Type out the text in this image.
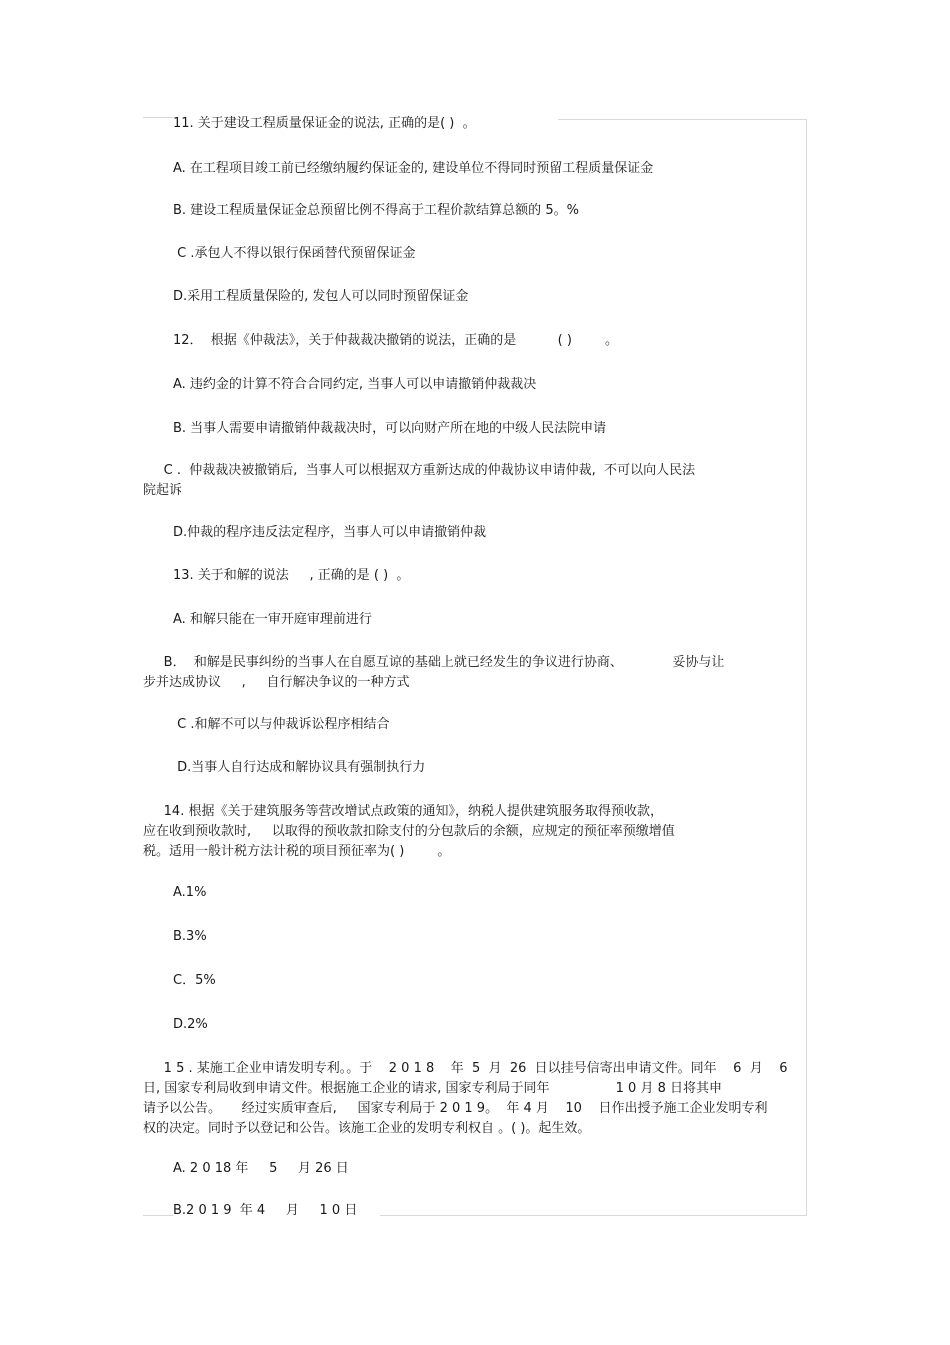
11. 关于建设工程质量保证金的说法, 正确的是( )  。

A. 在工程项目竣工前已经缴纳履约保证金的, 建设单位不得同时预留工程质量保证金

B. 建设工程质量保证金总预留比例不得高于工程价款结算总额的 5。%

C .承包人不得以银行保函替代预留保证金

D.采用工程质量保险的, 发包人可以同时预留保证金

12．  根据《仲裁法》，关于仲裁裁决撤销的说法，正确的是          ( )        。

A. 违约金的计算不符合合同约定, 当事人可以申请撤销仲裁裁决

B. 当事人需要申请撤销仲裁裁决时，可以向财产所在地的中级人民法院申请

C .  仲裁裁决被撤销后,  当事人可以根据双方重新达成的仲裁协议申请仲裁,  不可以向人民法

院起诉

D.仲裁的程序违反法定程序，当事人可以申请撤销仲裁

13. 关于和解的说法     , 正确的是 ( )  。

A. 和解只能在一审开庭审理前进行

B．  和解是民事纠纷的当事人在自愿互谅的基础上就已经发生的争议进行协商、            妥协与让

步并达成协议     ,     自行解决争议的一种方式

C .和解不可以与仲裁诉讼程序相结合

D.当事人自行达成和解协议具有强制执行力

14. 根据《关于建筑服务等营改增试点政策的通知》，纳税人提供建筑服务取得预收款，

应在收到预收款时,     以取得的预收款扣除支付的分包款后的余额，应规定的预征率预缴增值

税。适用一般计税方法计税的项目预征率为( )        。

A.1%

B.3%

C．5%

D.2%

1 5 . 某施工企业申请发明专利。。于    2 0 1 8    年  5  月  26  日以挂号信寄出申请文件。同年    6  月    6

日, 国家专利局收到申请文件。根据施工企业的请求, 国家专利局于同年                1 0 月 8 日将其申

请予以公告。     经过实质审查后,     国家专利局于 2 0 1 9。  年 4 月    10    日作出授予施工企业发明专利

权的决定。同时予以登记和公告。该施工企业的发明专利权自 。( )。起生效。

A. 2 0 18 年     5     月 26 日

B.2 0 1 9  年 4     月     1 0 日
